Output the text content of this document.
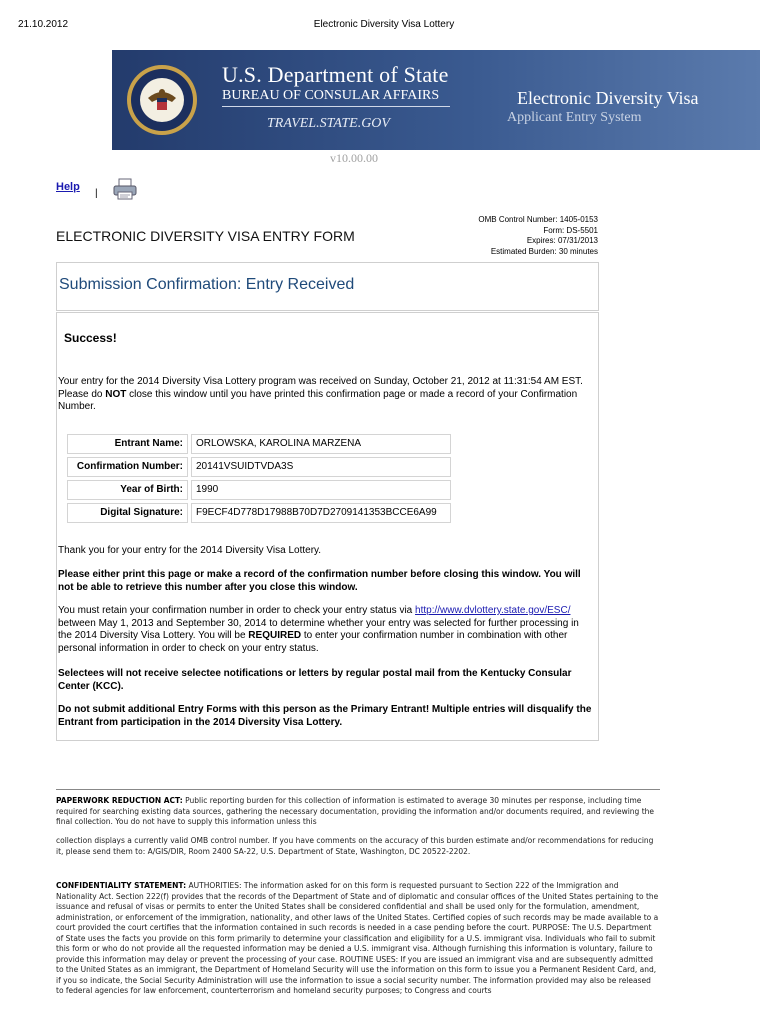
21.10.2012	Electronic Diversity Visa Lottery
U.S. Department of State
BUREAU OF CONSULAR AFFAIRS
TRAVEL.STATE.GOV
Electronic Diversity Visa
Applicant Entry System
v10.00.00
Help
|
OMB Control Number: 1405-0153
Form: DS-5501
Expires: 07/31/2013
Estimated Burden: 30 minutes
ELECTRONIC DIVERSITY VISA ENTRY FORM
Submission Confirmation: Entry Received
Success!
Your entry for the 2014 Diversity Visa Lottery program was received on Sunday, October 21, 2012 at 11:31:54 AM EST. Please do NOT close this window until you have printed this confirmation page or made a record of your Confirmation Number.
Entrant Name:	ORLOWSKA, KAROLINA MARZENA
Confirmation Number:	20141VSUIDTVDA3S
Year of Birth:	1990
Digital Signature:	F9ECF4D778D17988B70D7D2709141353BCCE6A99
Thank you for your entry for the 2014 Diversity Visa Lottery.
Please either print this page or make a record of the confirmation number before closing this window. You will not be able to retrieve this number after you close this window.
You must retain your confirmation number in order to check your entry status via http://www.dvlottery.state.gov/ESC/ between May 1, 2013 and September 30, 2014 to determine whether your entry was selected for further processing in the 2014 Diversity Visa Lottery. You will be REQUIRED to enter your confirmation number in combination with other personal information in order to check on your entry status.
Selectees will not receive selectee notifications or letters by regular postal mail from the Kentucky Consular Center (KCC).
Do not submit additional Entry Forms with this person as the Primary Entrant! Multiple entries will disqualify the Entrant from participation in the 2014 Diversity Visa Lottery.
PAPERWORK REDUCTION ACT: Public reporting burden for this collection of information is estimated to average 30 minutes per response, including time required for searching existing data sources, gathering the necessary documentation, providing the information and/or documents required, and reviewing the final collection. You do not have to supply this information unless this
collection displays a currently valid OMB control number. If you have comments on the accuracy of this burden estimate and/or recommendations for reducing it, please send them to: A/GIS/DIR, Room 2400 SA-22, U.S. Department of State, Washington, DC 20522-2202.
CONFIDENTIALITY STATEMENT: AUTHORITIES: The information asked for on this form is requested pursuant to Section 222 of the Immigration and Nationality Act. Section 222(f) provides that the records of the Department of State and of diplomatic and consular offices of the United States pertaining to the issuance and refusal of visas or permits to enter the United States shall be considered confidential and shall be used only for the formulation, amendment, administration, or enforcement of the immigration, nationality, and other laws of the United States. Certified copies of such records may be made available to a court provided the court certifies that the information contained in such records is needed in a case pending before the court. PURPOSE: The U.S. Department of State uses the facts you provide on this form primarily to determine your classification and eligibility for a U.S. immigrant visa. Individuals who fail to submit this form or who do not provide all the requested information may be denied a U.S. immigrant visa. Although furnishing this information is voluntary, failure to provide this information may delay or prevent the processing of your case. ROUTINE USES: If you are issued an immigrant visa and are subsequently admitted to the United States as an immigrant, the Department of Homeland Security will use the information on this form to issue you a Permanent Resident Card, and, if you so indicate, the Social Security Administration will use the information to issue a social security number. The information provided may also be released to federal agencies for law enforcement, counterterrorism and homeland security purposes; to Congress and courts
